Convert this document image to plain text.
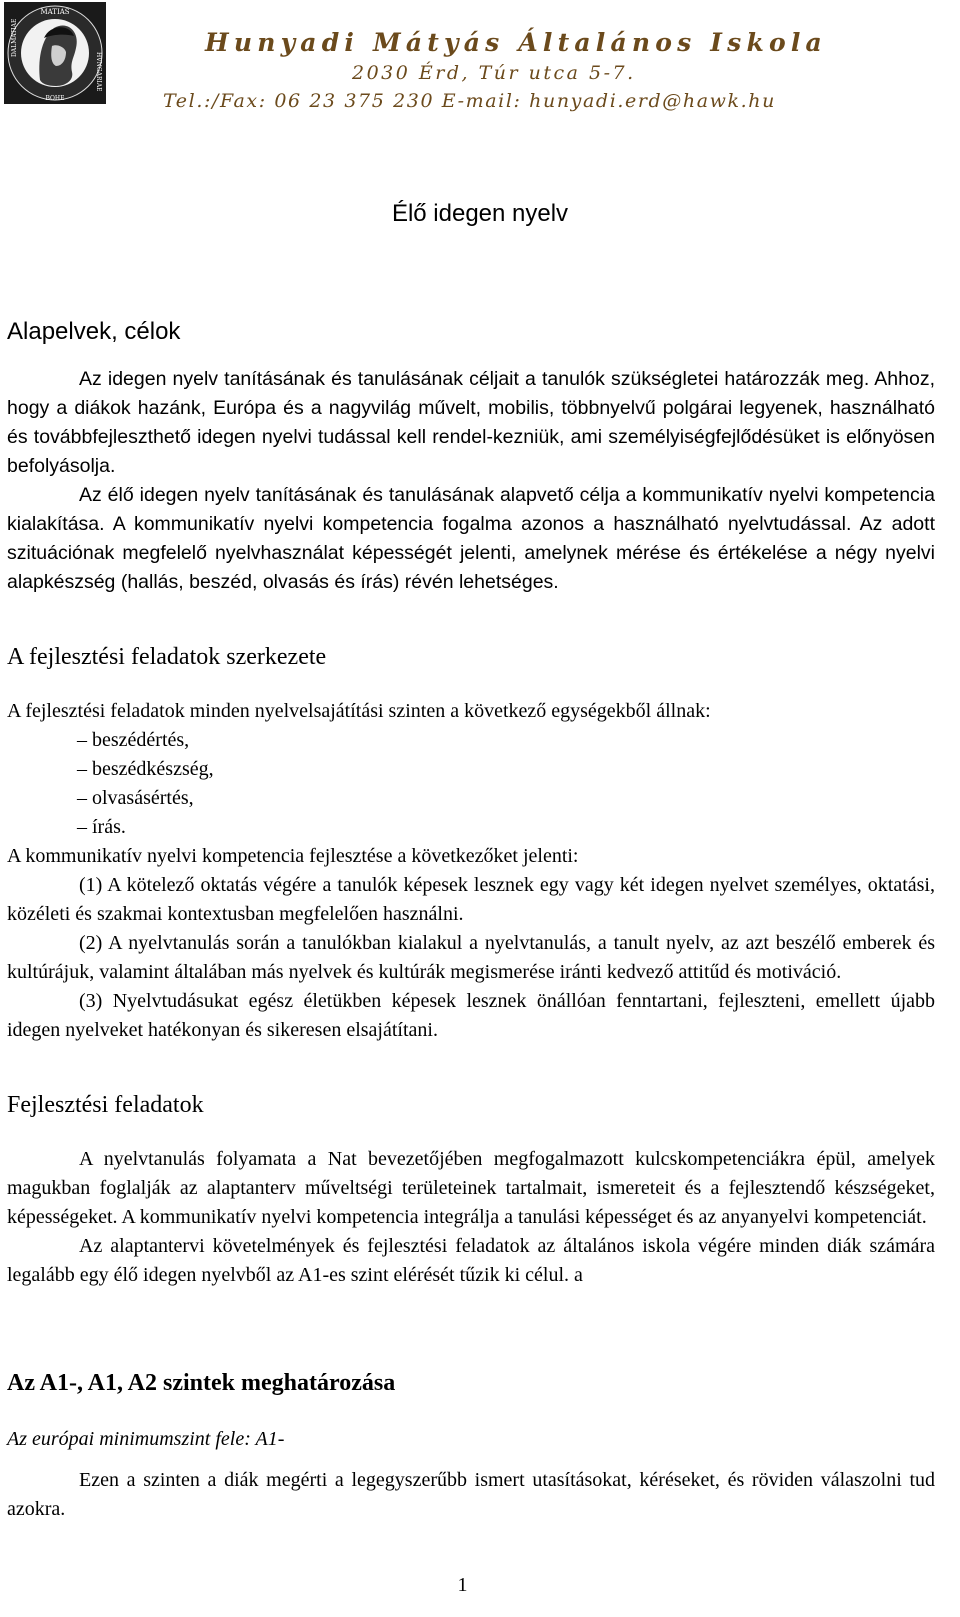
MATIAS
DALMATIAE
HVNGARIAE
BOHE
Hunyadi Mátyás Általános Iskola
2030 Érd, Túr utca 5-7.
Tel.:/Fax: 06 23 375 230 E-mail: hunyadi.erd@hawk.hu
Élő idegen nyelv
Alapelvek, célok

Az idegen nyelv tanításának és tanulásának céljait a tanulók szükségletei határozzák meg. Ahhoz, hogy a diákok hazánk, Európa és a nagyvilág művelt, mobilis, többnyelvű polgárai legyenek, használható és továbbfejleszthető idegen nyelvi tudással kell rendel-kezniük, ami személyiségfejlődésüket is előnyösen befolyásolja.

Az élő idegen nyelv tanításának és tanulásának alapvető célja a kommunikatív nyelvi kompetencia kialakítása. A kommunikatív nyelvi kompetencia fogalma azonos a használható nyelvtudással. Az adott szituációnak megfelelő nyelvhasználat képességét jelenti, amelynek mérése és értékelése a négy nyelvi alapkészség (hallás, beszéd, olvasás és írás) révén lehetséges.

A fejlesztési feladatok szerkezete

A fejlesztési feladatok minden nyelvelsajátítási szinten a következő egységekből állnak:

– beszédértés,

– beszédkészség,

– olvasásértés,

– írás.

A kommunikatív nyelvi kompetencia fejlesztése a következőket jelenti:

(1) A kötelező oktatás végére a tanulók képesek lesznek egy vagy két idegen nyelvet személyes, oktatási, közéleti és szakmai kontextusban megfelelően használni.

(2) A nyelvtanulás során a tanulókban kialakul a nyelvtanulás, a tanult nyelv, az azt beszélő emberek és kultúrájuk, valamint általában más nyelvek és kultúrák megismerése iránti kedvező attitűd és motiváció.

(3) Nyelvtudásukat egész életükben képesek lesznek önállóan fenntartani, fejleszteni, emellett újabb idegen nyelveket hatékonyan és sikeresen elsajátítani.

Fejlesztési feladatok

A nyelvtanulás folyamata a Nat bevezetőjében megfogalmazott kulcskompetenciákra épül, amelyek magukban foglalják az alaptanterv műveltségi területeinek tartalmait, ismereteit és a fejlesztendő készségeket, képességeket. A kommunikatív nyelvi kompetencia integrálja a tanulási képességet és az anyanyelvi kompetenciát.

Az alaptantervi követelmények és fejlesztési feladatok az általános iskola végére minden diák számára legalább egy élő idegen nyelvből az A1-es szint elérését tűzik ki célul. a

Az A1-, A1, A2 szintek meghatározása
Az európai minimumszint fele: A1-

Ezen a szinten a diák megérti a legegyszerűbb ismert utasításokat, kéréseket, és röviden válaszolni tud azokra.

1
